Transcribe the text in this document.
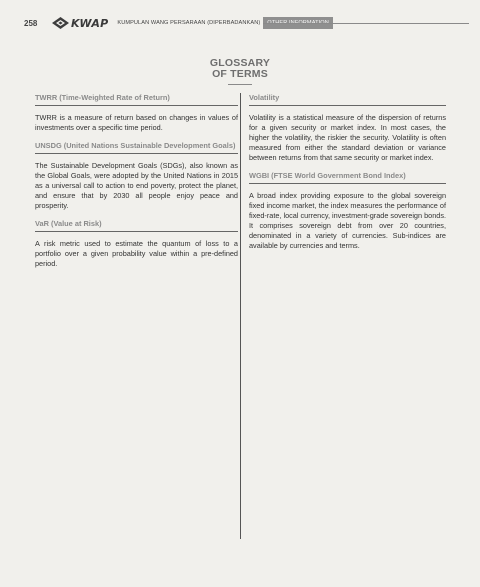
258	KWAP KUMPULAN WANG PERSARAAN (DIPERBADANKAN)	OTHER INFORMATION
GLOSSARY
OF TERMS
TWRR (Time-Weighted Rate of Return)

TWRR is a measure of return based on changes in values of investments over a specific time period.

UNSDG (United Nations Sustainable Development Goals)

The Sustainable Development Goals (SDGs), also known as the Global Goals, were adopted by the United Nations in 2015 as a universal call to action to end poverty, protect the planet, and ensure that by 2030 all people enjoy peace and prosperity.

VaR (Value at Risk)

A risk metric used to estimate the quantum of loss to a portfolio over a given probability value within a pre-defined period.

Volatility

Volatility is a statistical measure of the dispersion of returns for a given security or market index. In most cases, the higher the volatility, the riskier the security. Volatility is often measured from either the standard deviation or variance between returns from that same security or market index.

WGBI (FTSE World Government Bond Index)

A broad index providing exposure to the global sovereign fixed income market, the index measures the performance of fixed-rate, local currency, investment-grade sovereign bonds. It comprises sovereign debt from over 20 countries, denominated in a variety of currencies. Sub-indices are available by currencies and terms.
